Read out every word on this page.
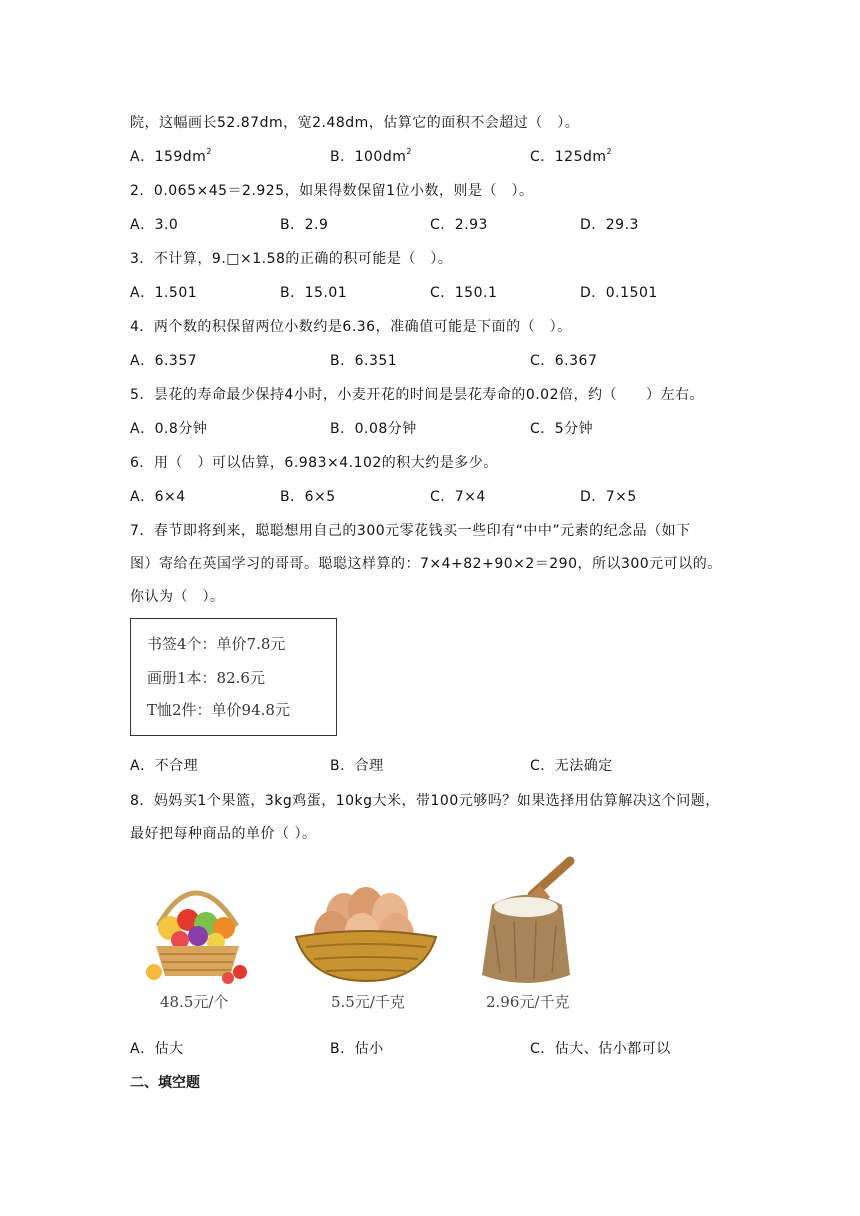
院，这幅画长52.87dm，宽2.48dm，估算它的面积不会超过（　）。
A．$159dm^2$	B．$100dm^2$	C．$125dm^2$
2．0.065×45＝2.925，如果得数保留1位小数，则是（　）。
A．3.0	B．2.9	C．2.93	D．29.3
3．不计算，9.□×1.58的正确的积可能是（　）。
A．1.501	B．15.01	C．150.1	D．0.1501
4．两个数的积保留两位小数约是6.36，准确值可能是下面的（　）。
A．6.357	B．6.351	C．6.367
5．昙花的寿命最少保持4小时，小麦开花的时间是昙花寿命的0.02倍，约（　　）左右。
A．0.8分钟	B．0.08分钟	C．5分钟
6．用（　）可以估算，6.983×4.102的积大约是多少。
A．6×4	B．6×5	C．7×4	D．7×5
7．春节即将到来，聪聪想用自己的300元零花钱买一些印有“中中”元素的纪念品（如下
图）寄给在英国学习的哥哥。聪聪这样算的：7×4+82+90×2＝290，所以300元可以的。
你认为（　）。
书签4个：单价7.8元
画册1本：82.6元
T恤2件：单价94.8元
A．不合理	B．合理	C．无法确定
8．妈妈买1个果篮，3kg鸡蛋，10kg大米，带100元够吗？如果选择用估算解决这个问题，
最好把每种商品的单价（ ）。
48.5元/个	5.5元/千克	2.96元/千克
A．估大	B．估小	C．估大、估小都可以
二、填空题
